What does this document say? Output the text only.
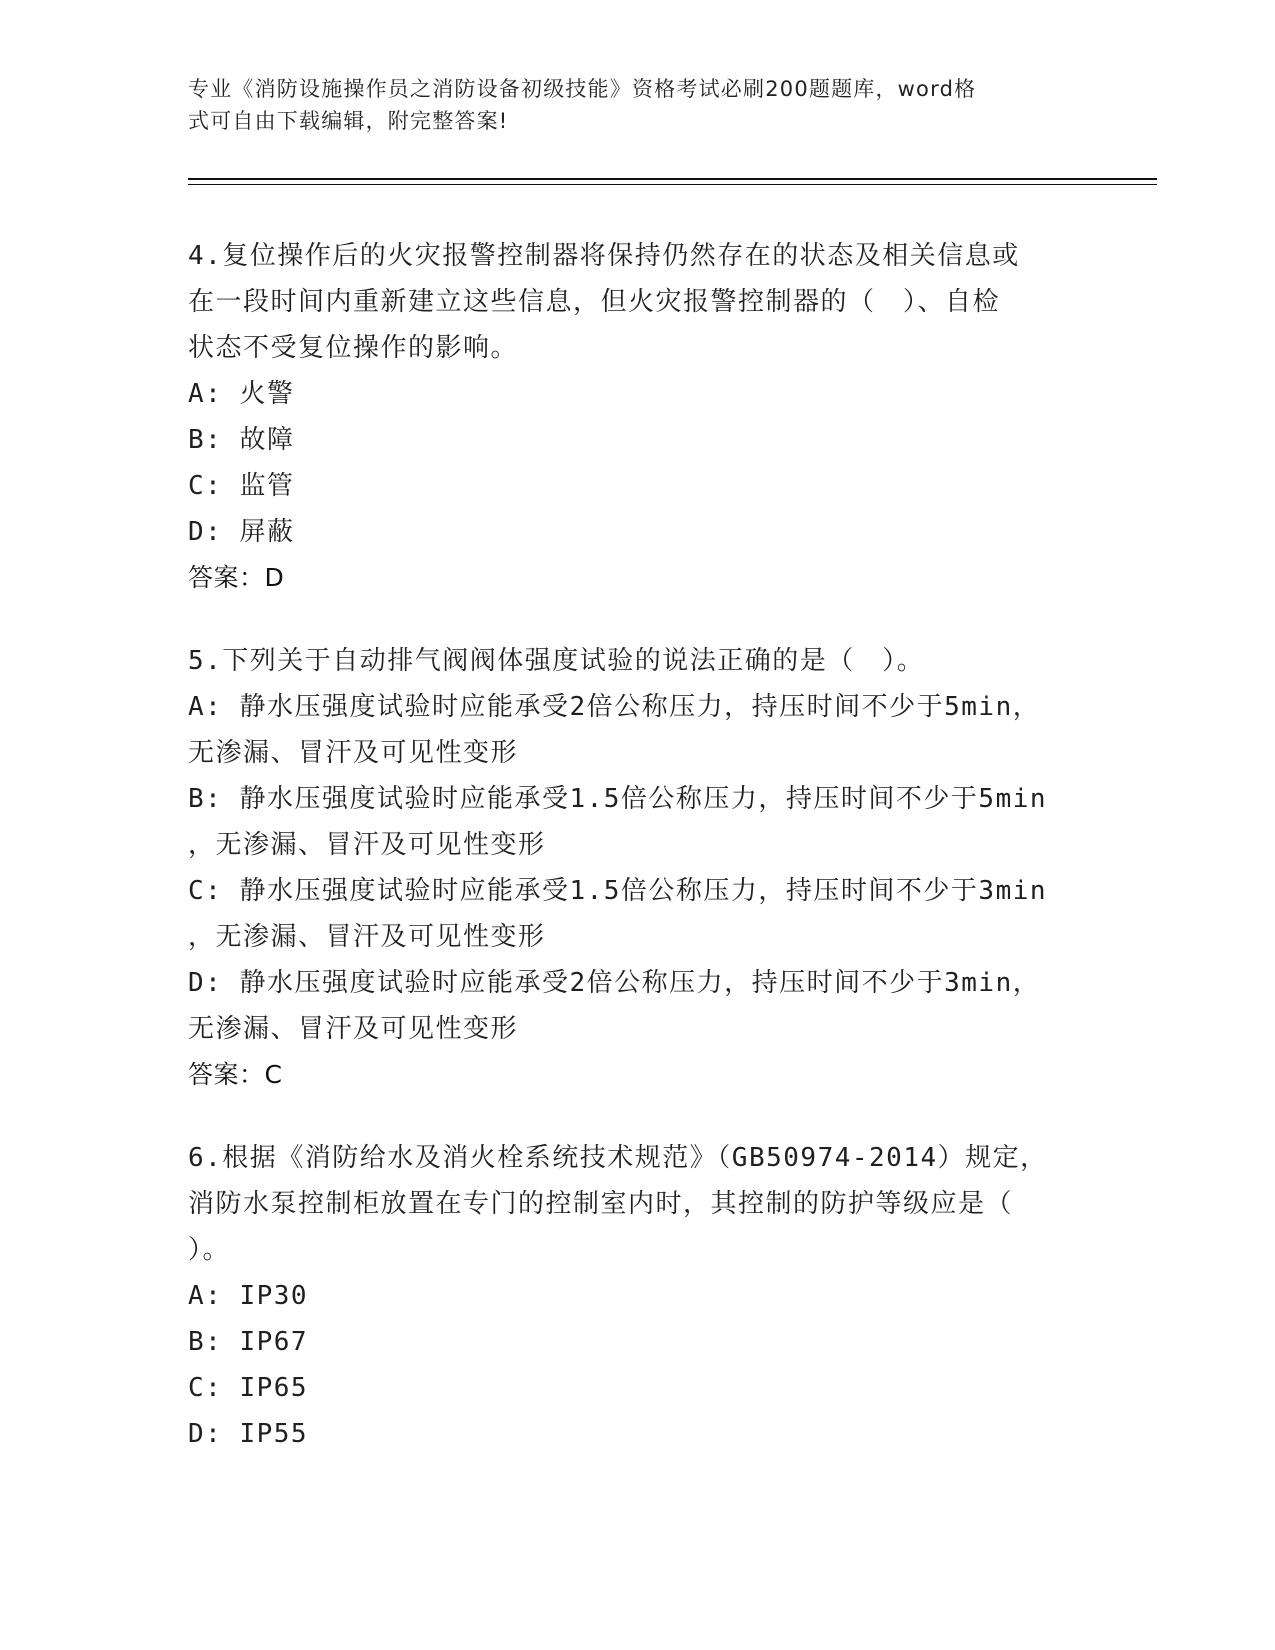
专业《消防设施操作员之消防设备初级技能》资格考试必刷200题题库，word格
式可自由下载编辑，附完整答案!
4.复位操作后的火灾报警控制器将保持仍然存在的状态及相关信息或
在一段时间内重新建立这些信息，但火灾报警控制器的（　）、自检
状态不受复位操作的影响。
A: 火警
B: 故障
C: 监管
D: 屏蔽
答案：D
5.下列关于自动排气阀阀体强度试验的说法正确的是（　）。
A: 静水压强度试验时应能承受2倍公称压力，持压时间不少于5min，
无渗漏、冒汗及可见性变形
B: 静水压强度试验时应能承受1.5倍公称压力，持压时间不少于5min
，无渗漏、冒汗及可见性变形
C: 静水压强度试验时应能承受1.5倍公称压力，持压时间不少于3min
，无渗漏、冒汗及可见性变形
D: 静水压强度试验时应能承受2倍公称压力，持压时间不少于3min，
无渗漏、冒汗及可见性变形
答案：C
6.根据《消防给水及消火栓系统技术规范》（GB50974-2014）规定，
消防水泵控制柜放置在专门的控制室内时，其控制的防护等级应是（
）。
A: IP30
B: IP67
C: IP65
D: IP55
